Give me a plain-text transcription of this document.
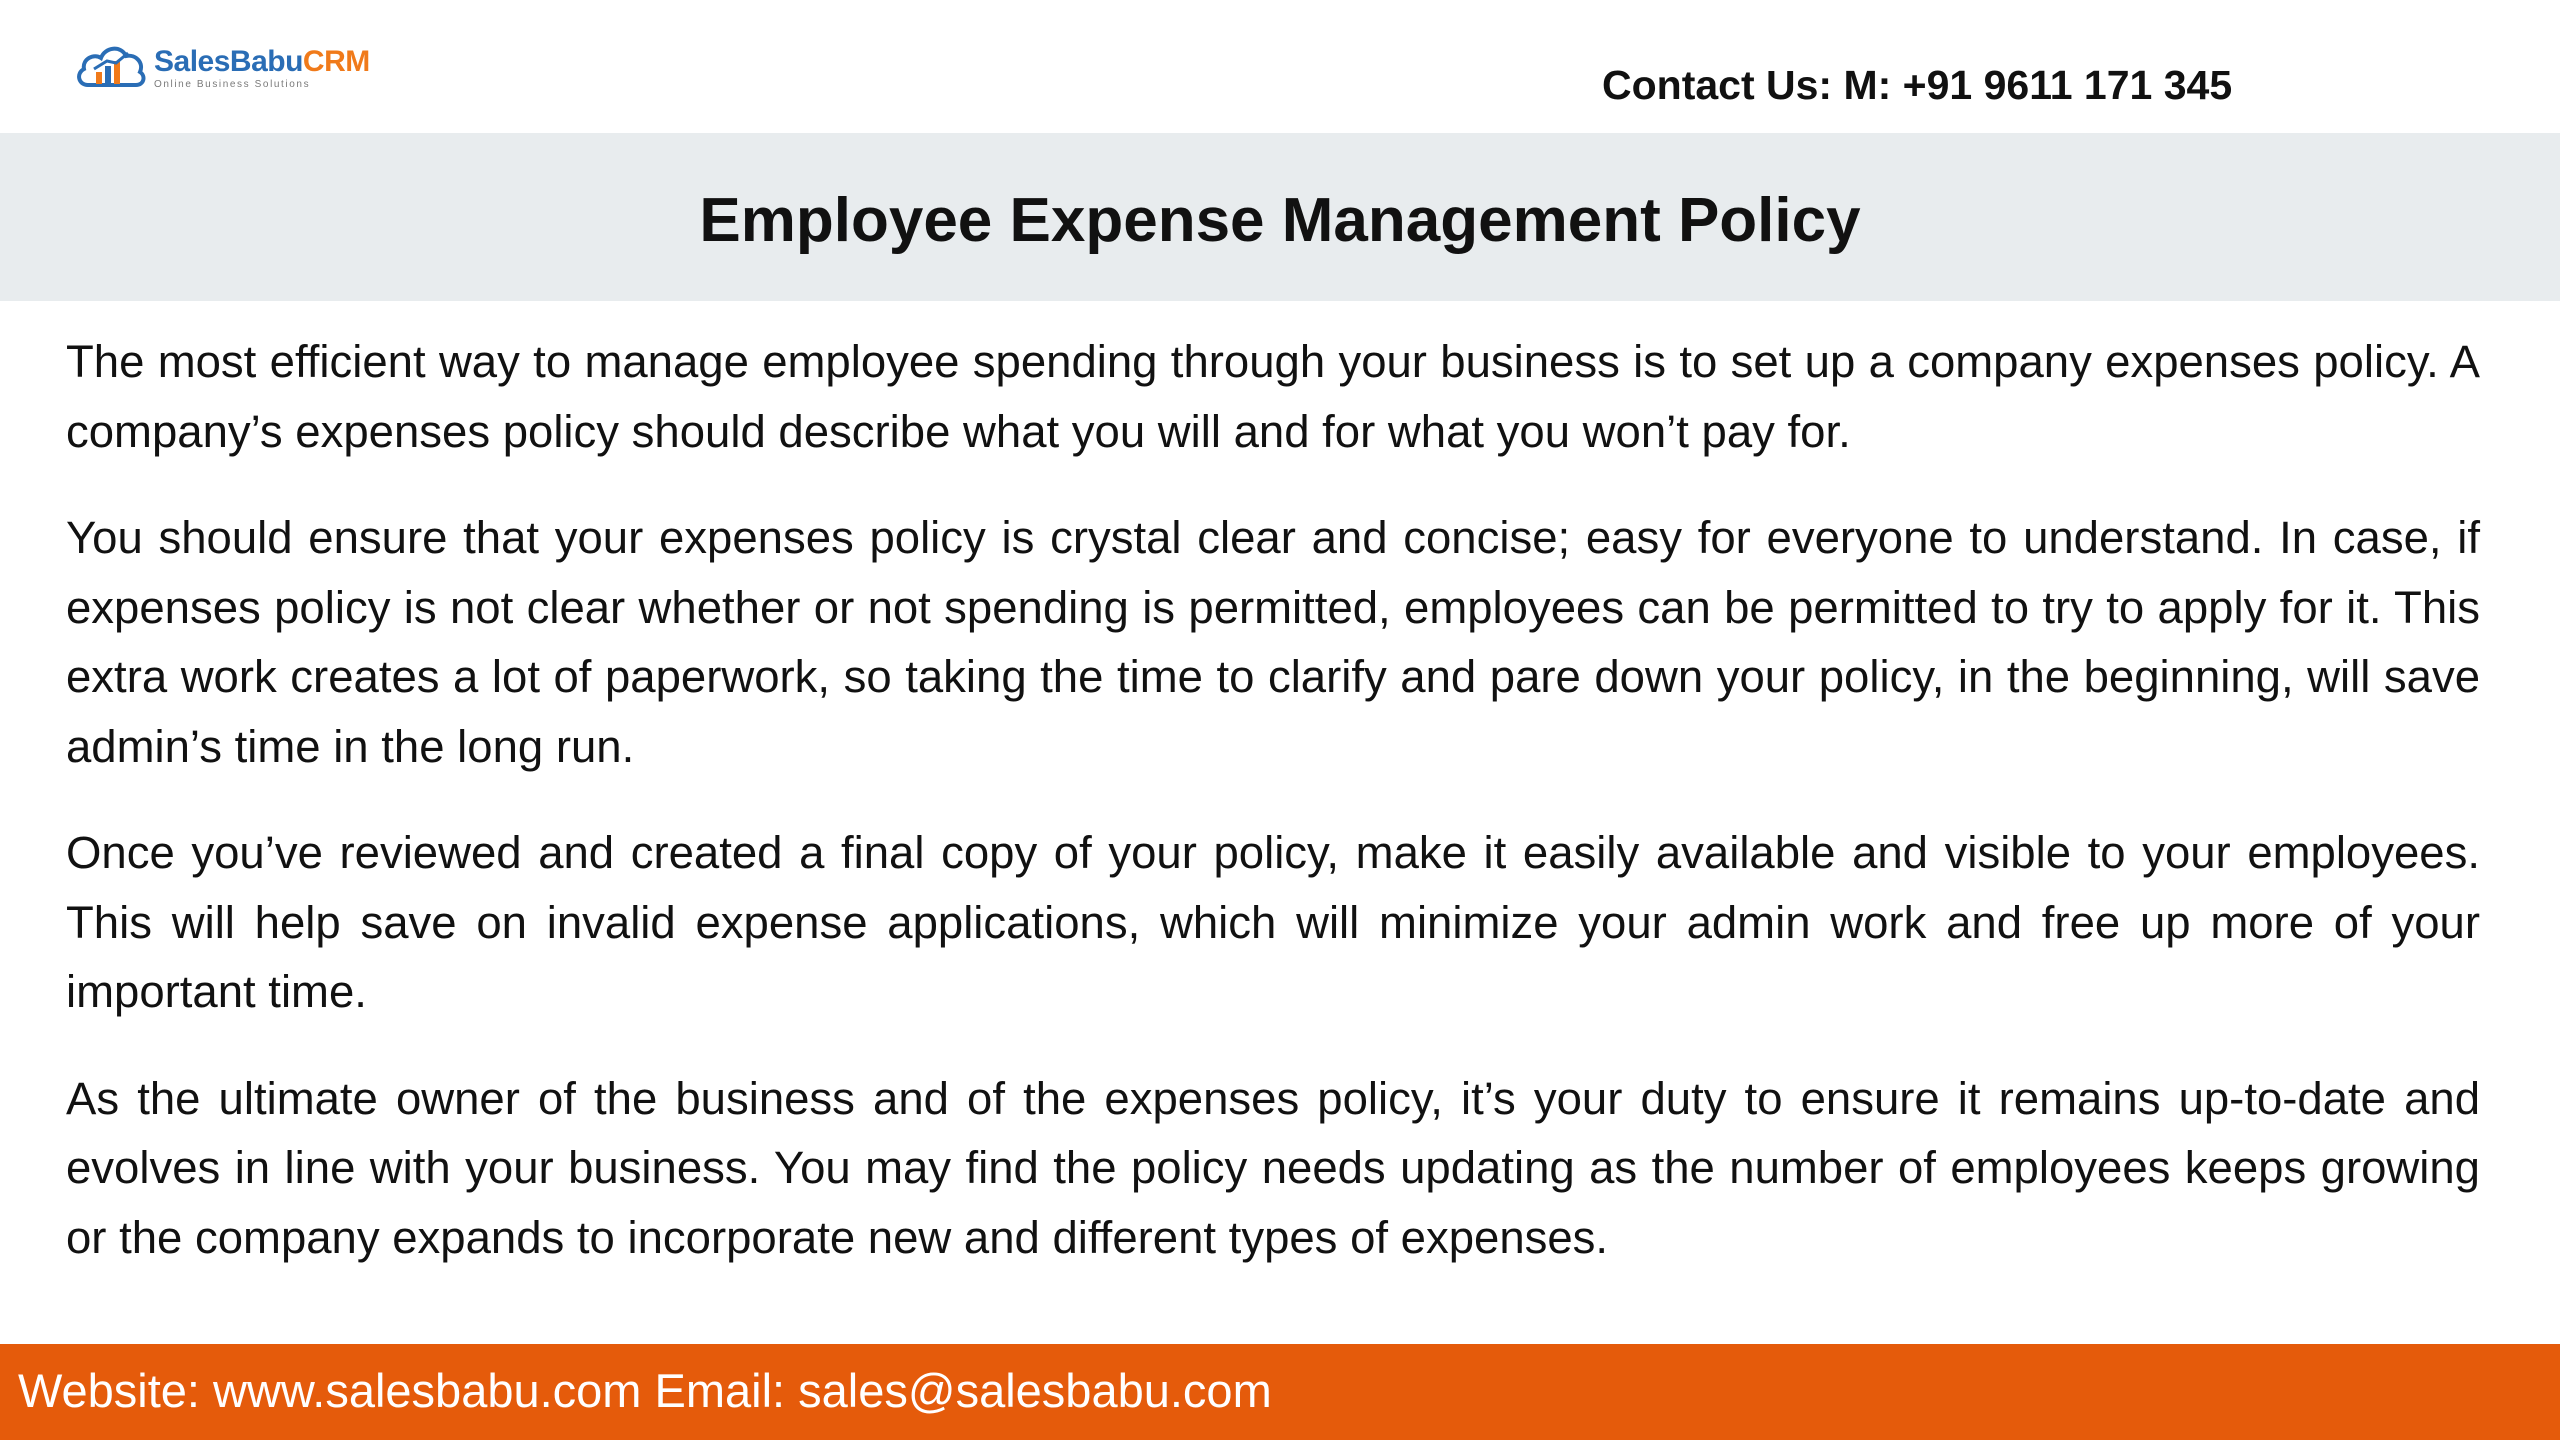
SalesBabuCRM
Online Business Solutions	Contact Us: M: +91 9611 171 345
Employee Expense Management Policy

The most efficient way to manage employee spending through your business is to set up a company expenses policy. A company’s expenses policy should describe what you will and for what you won’t pay for.

You should ensure that your expenses policy is crystal clear and concise; easy for everyone to understand. In case, if expenses policy is not clear whether or not spending is permitted, employees can be permitted to try to apply for it. This extra work creates a lot of paperwork, so taking the time to clarify and pare down your policy, in the beginning, will save admin’s time in the long run.

Once you’ve reviewed and created a final copy of your policy, make it easily available and visible to your employees. This will help save on invalid expense applications, which will minimize your admin work and free up more of your important time.

As the ultimate owner of the business and of the expenses policy, it’s your duty to ensure it remains up-to-date and evolves in line with your business. You may find the policy needs updating as the number of employees keeps growing or the company expands to incorporate new and different types of expenses.

Website: www.salesbabu.com Email: sales@salesbabu.com
